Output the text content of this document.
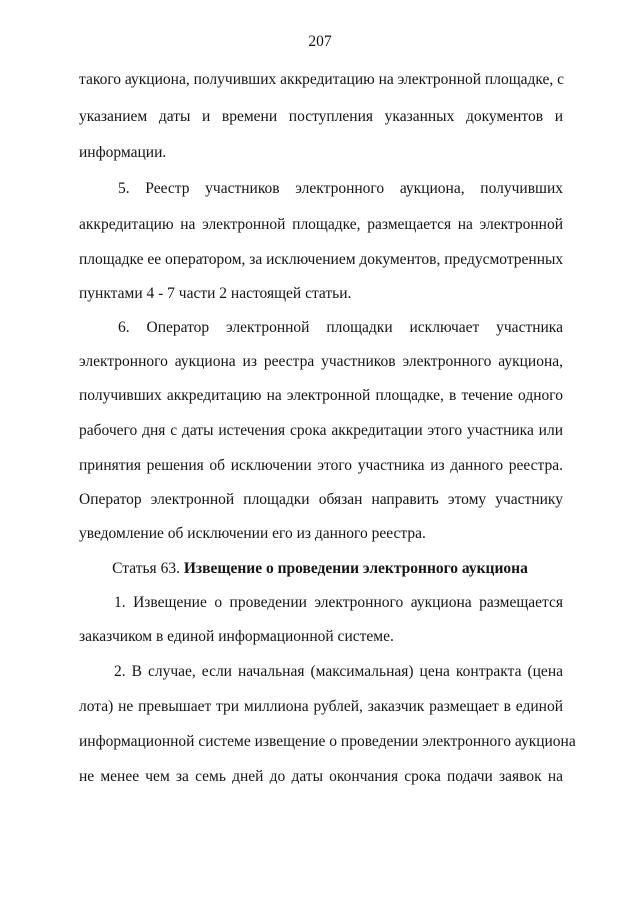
207
такого аукциона, получивших аккредитацию на электронной площадке, с
указанием даты и времени поступления указанных документов и
информации.
5. Реестр участников электронного аукциона, получивших
аккредитацию на электронной площадке, размещается на электронной
площадке ее оператором, за исключением документов, предусмотренных
пунктами 4 - 7 части 2 настоящей статьи.
6. Оператор электронной площадки исключает участника
электронного аукциона из реестра участников электронного аукциона,
получивших аккредитацию на электронной площадке, в течение одного
рабочего дня с даты истечения срока аккредитации этого участника или
принятия решения об исключении этого участника из данного реестра.
Оператор электронной площадки обязан направить этому участнику
уведомление об исключении его из данного реестра.
Статья 63. Извещение о проведении электронного аукциона
1. Извещение о проведении электронного аукциона размещается
заказчиком в единой информационной системе.
2. В случае, если начальная (максимальная) цена контракта (цена
лота) не превышает три миллиона рублей, заказчик размещает в единой
информационной системе извещение о проведении электронного аукциона
не менее чем за семь дней до даты окончания срока подачи заявок на
